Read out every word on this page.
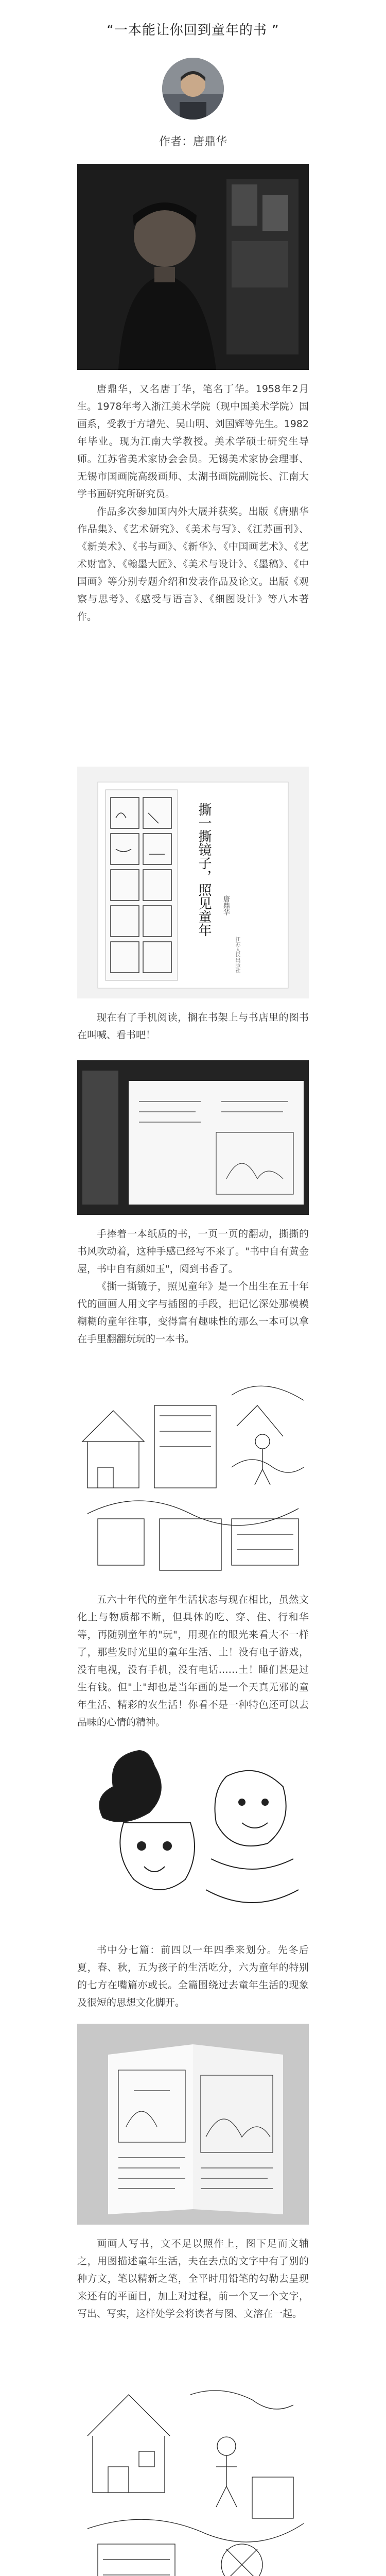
“一本能让你回到童年的书 ”
作者：唐鼎华

唐鼎华，又名唐丁华，笔名丁华。1958年2月生。1978年考入浙江美术学院（现中国美术学院）国画系，受教于方增先、吴山明、刘国辉等先生。1982年毕业。现为江南大学教授。美术学硕士研究生导师。江苏省美术家协会会员。无锡美术家协会理事、无锡市国画院高级画师、太湖书画院副院长、江南大学书画研究所研究员。

作品多次参加国内外大展并获奖。出版《唐鼎华作品集》、《艺术研究》、《美术与写》、《江苏画刊》、《新美术》、《书与画》、《新华》、《中国画艺术》、《艺术财富》、《翰墨大匠》、《美术与设计》、《墨稿》、《中国画》等分别专题介绍和发表作品及论文。出版《观察与思考》、《感受与语言》、《细图设计》等八本著作。

撕一撕镜子，照见童年 唐鼎华
江苏人民出版社

现在有了手机阅读，搁在书架上与书店里的图书在叫喊、看书吧！

手捧着一本纸质的书，一页一页的翻动，撕撕的书风吹动着，这种手感已经写不来了。"书中自有黄金屋，书中自有颜如玉"，阅到书香了。

《撕一撕镜子，照见童年》是一个出生在五十年代的画画人用文字与插图的手段，把记忆深处那模模糊糊的童年往事，变得富有趣味性的那么一本可以拿在手里翻翻玩玩的一本书。

五六十年代的童年生活状态与现在相比，虽然文化上与物质都不断，但具体的吃、穿、住、行和华等，再随别童年的"玩"，用现在的眼光来看大不一样了，那些发时光里的童年生活、土！没有电子游戏，没有电视，没有手机，没有电话……土！睡们甚是过生有钱。但"土"却也是当年画的是一个天真无邪的童年生活、精彩的农生活！你看不是一种特色还可以去品味的心情的精神。

书中分七篇：前四以一年四季来划分。先冬后夏，春、秋，五为孩子的生活吃分，六为童年的特别的七方在嘴篇亦或长。全篇围绕过去童年生活的现象及很短的思想文化脚开。

画画人写书，文不足以照作上，图下足而文辅之，用图描述童年生活，夫在去点的文字中有了别的种方文，笔以精新之笔，全平时用铅笔的勾勒去呈现来还有的平面目，加上对过程，前一个又一个文字，写出、写实，这样处学会将读者与图、文溶在一起。
